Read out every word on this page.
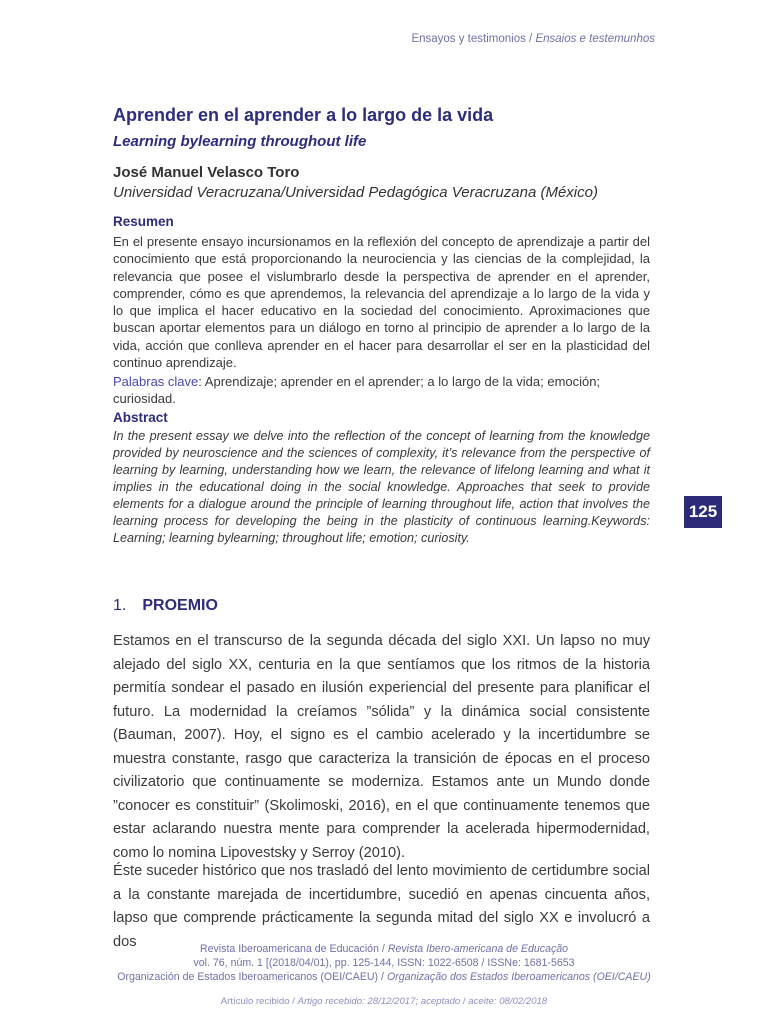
Ensayos y testimonios / Ensaios e testemunhos
125
Aprender en el aprender a lo largo de la vida
Learning bylearning throughout life
José Manuel Velasco Toro
Universidad Veracruzana/Universidad Pedagógica Veracruzana (México)
Resumen
En el presente ensayo incursionamos en la reflexión del concepto de aprendizaje a partir del conocimiento que está proporcionando la neurociencia y las ciencias de la complejidad, la relevancia que posee el vislumbrarlo desde la perspectiva de aprender en el aprender, comprender, cómo es que aprendemos, la relevancia del aprendizaje a lo largo de la vida y lo que implica el hacer educativo en la sociedad del conocimiento. Aproximaciones que buscan aportar elementos para un diálogo en torno al principio de aprender a lo largo de la vida, acción que conlleva aprender en el hacer para desarrollar el ser en la plasticidad del continuo aprendizaje.
Palabras clave: Aprendizaje; aprender en el aprender; a lo largo de la vida; emoción; curiosidad.
Abstract
In the present essay we delve into the reflection of the concept of learning from the knowledge provided by neuroscience and the sciences of complexity, it’s relevance from the perspective of learning by learning, understanding how we learn, the relevance of lifelong learning and what it implies in the educational doing in the social knowledge. Approaches that seek to provide elements for a dialogue around the principle of learning throughout life, action that involves the learning process for developing the being in the plasticity of continuous learning.Keywords: Learning; learning bylearning; throughout life; emotion; curiosity.
1. PROEMIO
Estamos en el transcurso de la segunda década del siglo XXI. Un lapso no muy alejado del siglo XX, centuria en la que sentíamos que los ritmos de la historia permitía sondear el pasado en ilusión experiencial del presente para planificar el futuro. La modernidad la creíamos ”sólida” y la dinámica social consistente (Bauman, 2007). Hoy, el signo es el cambio acelerado y la incertidumbre se muestra constante, rasgo que caracteriza la transición de épocas en el proceso civilizatorio que continuamente se moderniza. Estamos ante un Mundo donde ”conocer es constituir” (Skolimoski, 2016), en el que continuamente tenemos que estar aclarando nuestra mente para comprender la acelerada hipermodernidad, como lo nomina Lipovestsky y Serroy (2010).
Éste suceder histórico que nos trasladó del lento movimiento de certidumbre social a la constante marejada de incertidumbre, sucedió en apenas cincuenta años, lapso que comprende prácticamente la segunda mitad del siglo XX e involucró a dos	Revista Iberoamericana de Educación / Revista Ibero-americana de Educação
vol. 76, núm. 1 [(2018/04/01), pp. 125-144, ISSN: 1022-6508 / ISSNe: 1681-5653
Organización de Estados Iberoamericanos (OEI/CAEU) / Organização dos Estados Iberoamericanos (OEI/CAEU)
Artículo recibido / Artigo recebido: 28/12/2017; aceptado / aceite: 08/02/2018
